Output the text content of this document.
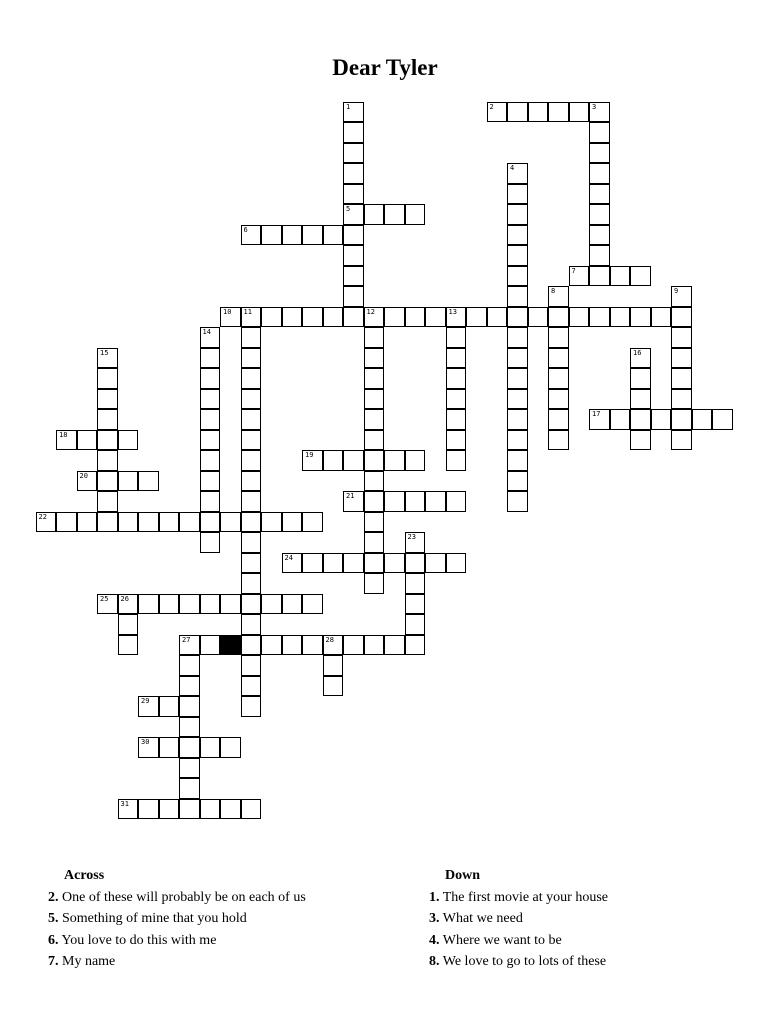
Dear Tyler
1
5
2	3
4
6
7
8	9
10 11	12	13
14
15	16
17
18
19
20
21
22
23
24
25 26
27	28
29
30
31
Across
2. One of these will probably be on each of us
5. Something of mine that you hold
6. You love to do this with me
7. My name
Down
1. The first movie at your house
3. What we need
4. Where we want to be
8. We love to go to lots of these
